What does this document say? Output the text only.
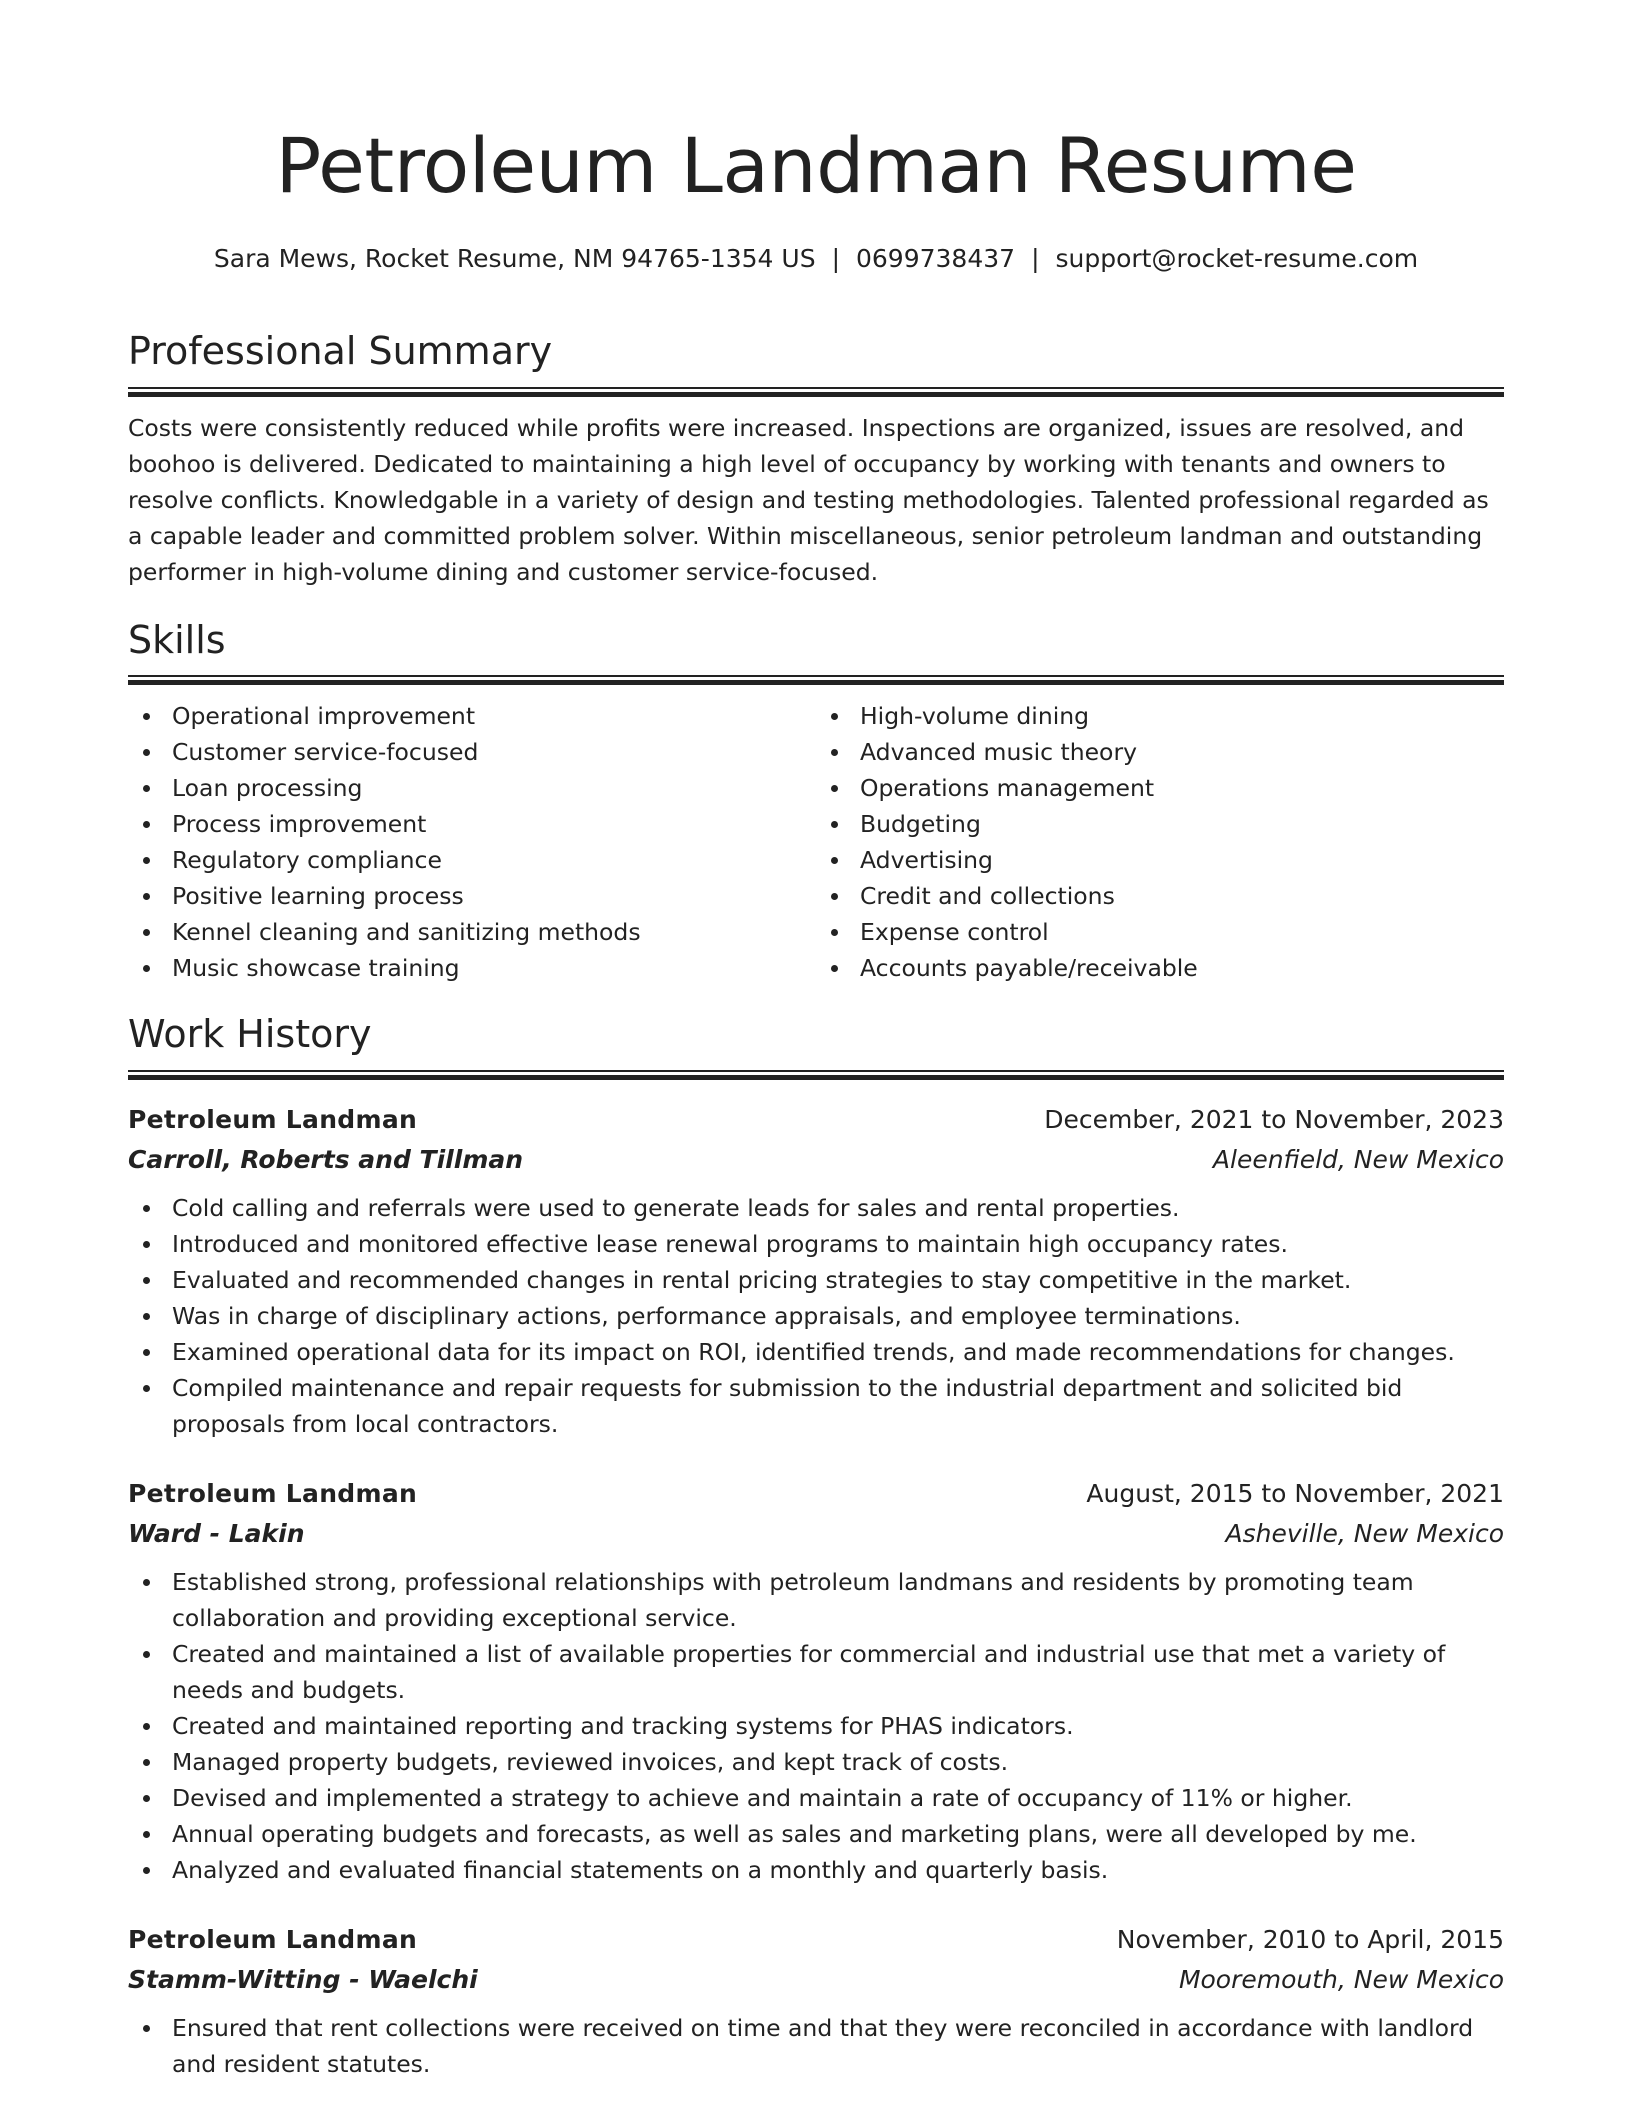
Petroleum Landman Resume
Sara Mews, Rocket Resume, NM 94765-1354 US | 0699738437 | support@rocket-resume.com
Professional Summary

Costs were consistently reduced while profits were increased. Inspections are organized, issues are resolved, and boohoo is delivered. Dedicated to maintaining a high level of occupancy by working with tenants and owners to resolve conflicts. Knowledgable in a variety of design and testing methodologies. Talented professional regarded as a capable leader and committed problem solver. Within miscellaneous, senior petroleum landman and outstanding performer in high-volume dining and customer service-focused.

Skills
Operational improvement
Customer service-focused
Loan processing
Process improvement
Regulatory compliance
Positive learning process
Kennel cleaning and sanitizing methods
Music showcase training
High-volume dining
Advanced music theory
Operations management
Budgeting
Advertising
Credit and collections
Expense control
Accounts payable/receivable
Work History
Petroleum Landman	December, 2021 to November, 2023
Carroll, Roberts and Tillman	Aleenfield, New Mexico
Cold calling and referrals were used to generate leads for sales and rental properties.
Introduced and monitored effective lease renewal programs to maintain high occupancy rates.
Evaluated and recommended changes in rental pricing strategies to stay competitive in the market.
Was in charge of disciplinary actions, performance appraisals, and employee terminations.
Examined operational data for its impact on ROI, identified trends, and made recommendations for changes.
Compiled maintenance and repair requests for submission to the industrial department and solicited bid proposals from local contractors.
Petroleum Landman	August, 2015 to November, 2021
Ward - Lakin	Asheville, New Mexico
Established strong, professional relationships with petroleum landmans and residents by promoting team collaboration and providing exceptional service.
Created and maintained a list of available properties for commercial and industrial use that met a variety of needs and budgets.
Created and maintained reporting and tracking systems for PHAS indicators.
Managed property budgets, reviewed invoices, and kept track of costs.
Devised and implemented a strategy to achieve and maintain a rate of occupancy of 11% or higher.
Annual operating budgets and forecasts, as well as sales and marketing plans, were all developed by me.
Analyzed and evaluated financial statements on a monthly and quarterly basis.
Petroleum Landman	November, 2010 to April, 2015
Stamm-Witting - Waelchi	Mooremouth, New Mexico
Ensured that rent collections were received on time and that they were reconciled in accordance with landlord and resident statutes.
